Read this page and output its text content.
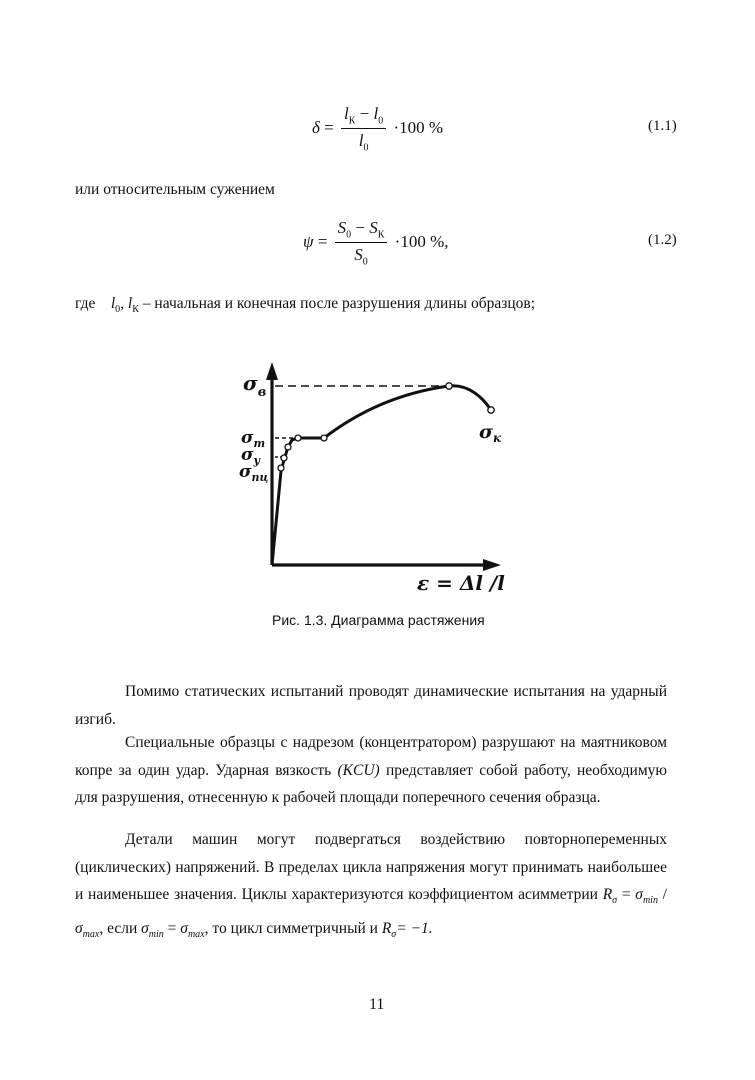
$\delta = \frac{l_К - l_0}{l_0} \cdot 100$ %	(1.1)
или относительным сужением
$\psi = \frac{S_0 - S_К}{S_0} \cdot 100$ %,	(1.2)
где $l_0$, $l_К$ – начальная и конечная после разрушения длины образцов;
$\sigma_в$
$\sigma_т$
$\sigma_у$
$\sigma_{пц}$
$\sigma_к$
ε = Δl /l
Рис. 1.3. Диаграмма растяжения
Помимо статических испытаний проводят динамические испытания на ударный изгиб.
Специальные образцы с надрезом (концентратором) разрушают на маятниковом копре за один удар. Ударная вязкость (KCU) представляет собой работу, необходимую для разрушения, отнесенную к рабочей площади поперечного сечения образца.
Детали машин могут подвергаться воздействию повторнопеременных (циклических) напряжений. В пределах цикла напряжения могут принимать наибольшее и наименьшее значения. Циклы характеризуются коэффициентом асимметрии $R_\sigma = \sigma_{min}$ $/\sigma_{max}$, если $\sigma_{min} = \sigma_{max}$, то цикл симметричный и $R_\sigma= -1$.
11
